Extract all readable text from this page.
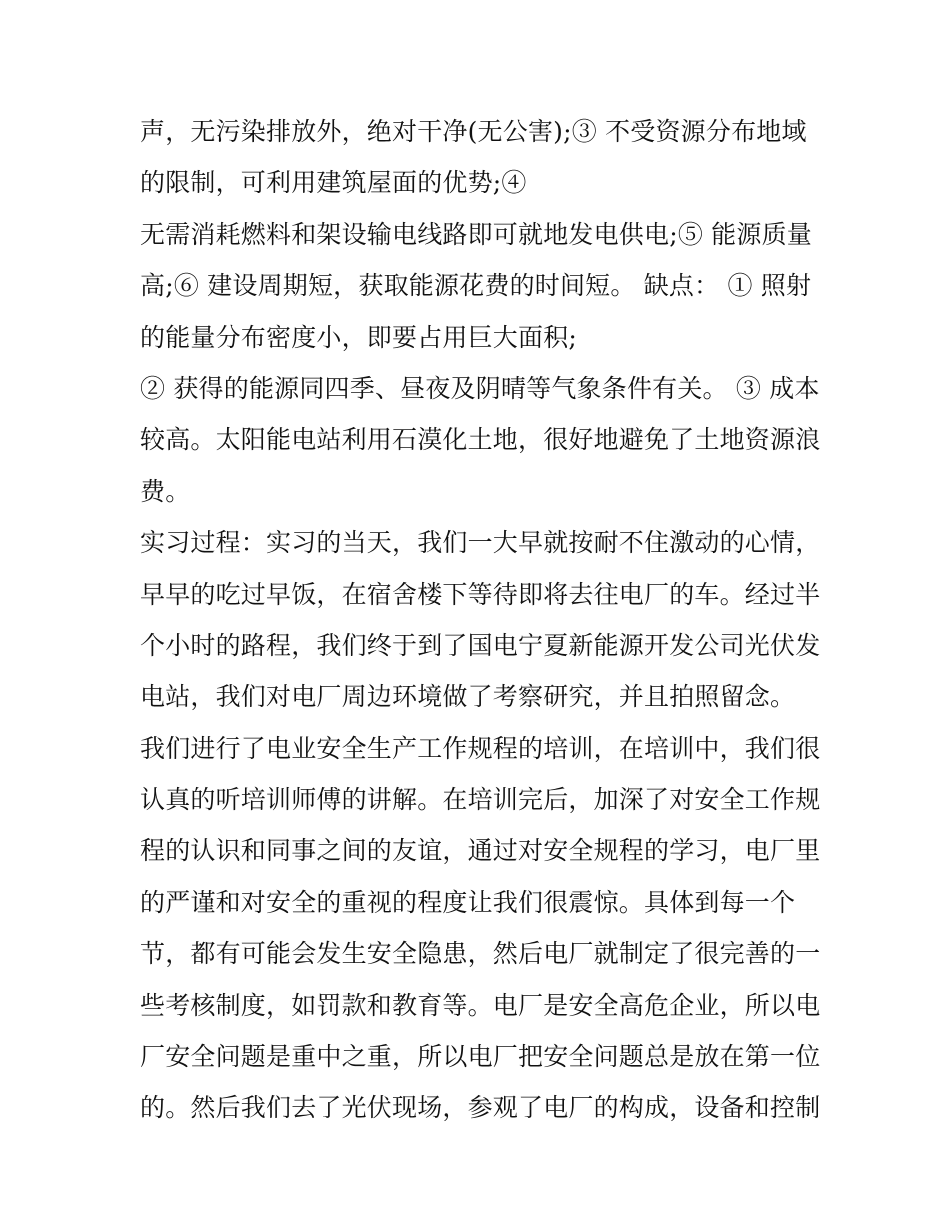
声，无污染排放外，绝对干净(无公害);③ 不受资源分布地域
的限制，可利用建筑屋面的优势;④
无需消耗燃料和架设输电线路即可就地发电供电;⑤ 能源质量
高;⑥ 建设周期短，获取能源花费的时间短。 缺点： ① 照射
的能量分布密度小，即要占用巨大面积;
② 获得的能源同四季、昼夜及阴晴等气象条件有关。 ③ 成本
较高。太阳能电站利用石漠化土地，很好地避免了土地资源浪
费。
实习过程：实习的当天，我们一大早就按耐不住激动的心情，
早早的吃过早饭，在宿舍楼下等待即将去往电厂的车。经过半
个小时的路程，我们终于到了国电宁夏新能源开发公司光伏发
电站，我们对电厂周边环境做了考察研究，并且拍照留念。
我们进行了电业安全生产工作规程的培训，在培训中，我们很
认真的听培训师傅的讲解。在培训完后，加深了对安全工作规
程的认识和同事之间的友谊，通过对安全规程的学习，电厂里
的严谨和对安全的重视的程度让我们很震惊。具体到每一个
节，都有可能会发生安全隐患，然后电厂就制定了很完善的一
些考核制度，如罚款和教育等。电厂是安全高危企业，所以电
厂安全问题是重中之重，所以电厂把安全问题总是放在第一位
的。然后我们去了光伏现场，参观了电厂的构成，设备和控制
